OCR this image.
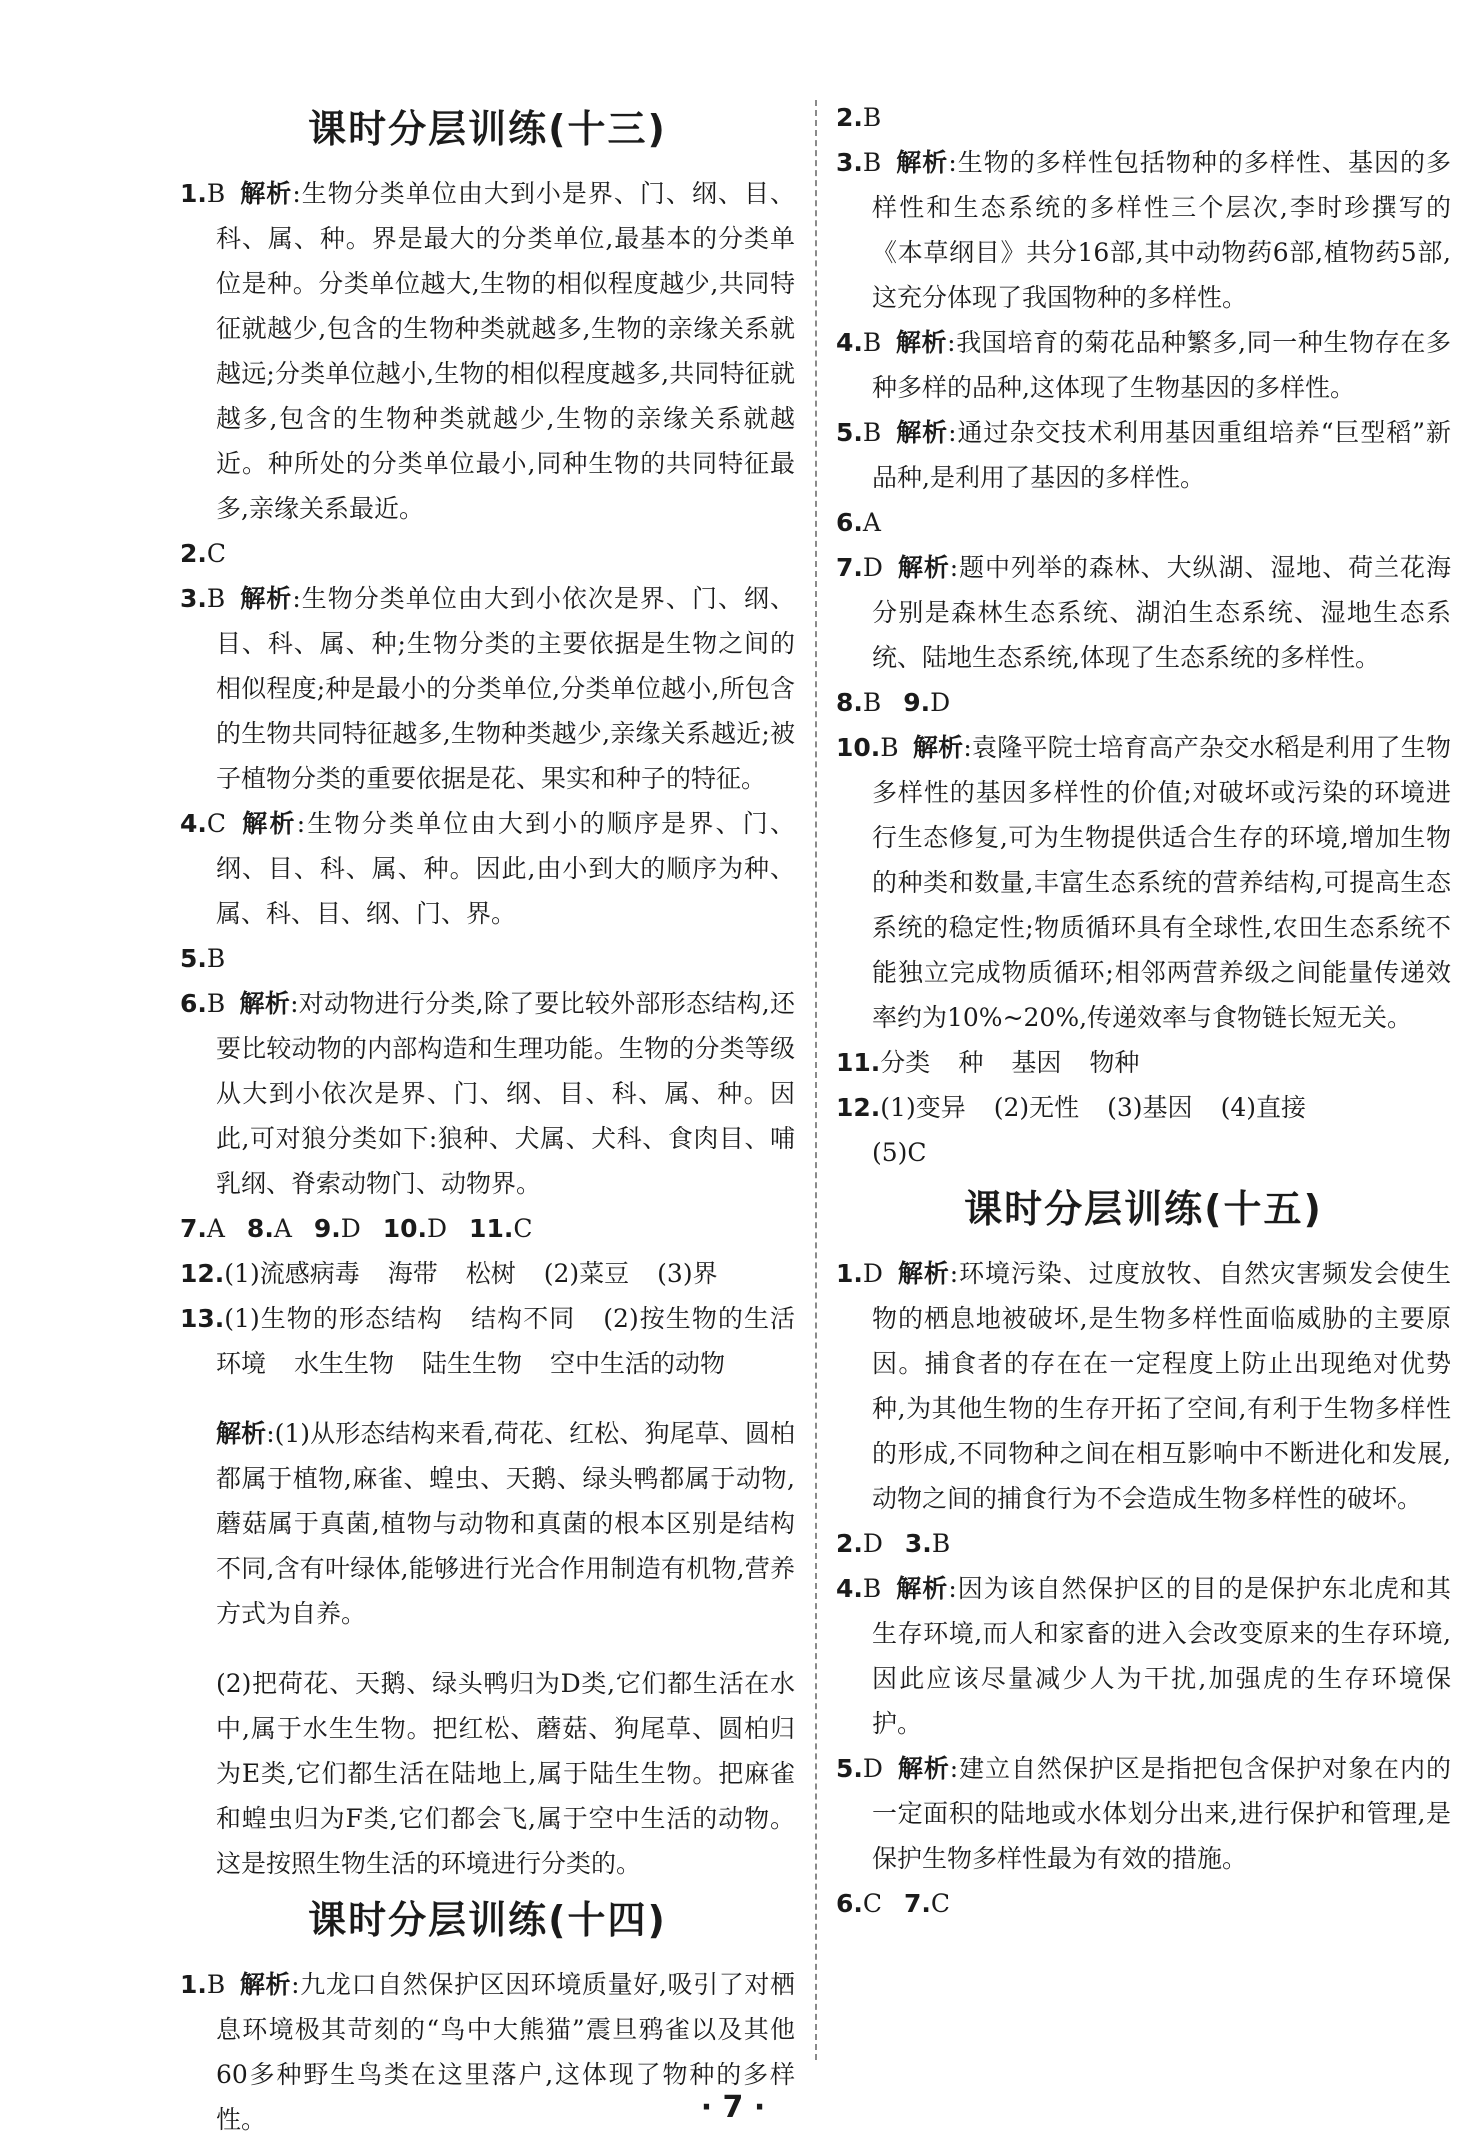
课时分层训练(十三)

1.B 解析:生物分类单位由大到小是界、门、纲、目、科、属、种。界是最大的分类单位,最基本的分类单位是种。分类单位越大,生物的相似程度越少,共同特征就越少,包含的生物种类就越多,生物的亲缘关系就越远;分类单位越小,生物的相似程度越多,共同特征就越多,包含的生物种类就越少,生物的亲缘关系就越近。种所处的分类单位最小,同种生物的共同特征最多,亲缘关系最近。

2.C

3.B 解析:生物分类单位由大到小依次是界、门、纲、目、科、属、种;生物分类的主要依据是生物之间的相似程度;种是最小的分类单位,分类单位越小,所包含的生物共同特征越多,生物种类越少,亲缘关系越近;被子植物分类的重要依据是花、果实和种子的特征。

4.C 解析:生物分类单位由大到小的顺序是界、门、纲、目、科、属、种。因此,由小到大的顺序为种、属、科、目、纲、门、界。

5.B

6.B 解析:对动物进行分类,除了要比较外部形态结构,还要比较动物的内部构造和生理功能。生物的分类等级从大到小依次是界、门、纲、目、科、属、种。因此,可对狼分类如下:狼种、犬属、犬科、食肉目、哺乳纲、脊索动物门、动物界。

7.A 8.A 9.D 10.D 11.C

12.(1)流感病毒 海带 松树 (2)菜豆 (3)界

13.(1)生物的形态结构 结构不同 (2)按生物的生活环境 水生生物 陆生生物 空中生活的动物

解析:(1)从形态结构来看,荷花、红松、狗尾草、圆柏都属于植物,麻雀、蝗虫、天鹅、绿头鸭都属于动物,蘑菇属于真菌,植物与动物和真菌的根本区别是结构不同,含有叶绿体,能够进行光合作用制造有机物,营养方式为自养。

(2)把荷花、天鹅、绿头鸭归为D类,它们都生活在水中,属于水生生物。把红松、蘑菇、狗尾草、圆柏归为E类,它们都生活在陆地上,属于陆生生物。把麻雀和蝗虫归为F类,它们都会飞,属于空中生活的动物。这是按照生物生活的环境进行分类的。

课时分层训练(十四)

1.B 解析:九龙口自然保护区因环境质量好,吸引了对栖息环境极其苛刻的“鸟中大熊猫”震旦鸦雀以及其他60多种野生鸟类在这里落户,这体现了物种的多样性。

2.B

3.B 解析:生物的多样性包括物种的多样性、基因的多样性和生态系统的多样性三个层次,李时珍撰写的《本草纲目》共分16部,其中动物药6部,植物药5部,这充分体现了我国物种的多样性。

4.B 解析:我国培育的菊花品种繁多,同一种生物存在多种多样的品种,这体现了生物基因的多样性。

5.B 解析:通过杂交技术利用基因重组培养“巨型稻”新品种,是利用了基因的多样性。

6.A

7.D 解析:题中列举的森林、大纵湖、湿地、荷兰花海分别是森林生态系统、湖泊生态系统、湿地生态系统、陆地生态系统,体现了生态系统的多样性。

8.B 9.D

10.B 解析:袁隆平院士培育高产杂交水稻是利用了生物多样性的基因多样性的价值;对破坏或污染的环境进行生态修复,可为生物提供适合生存的环境,增加生物的种类和数量,丰富生态系统的营养结构,可提高生态系统的稳定性;物质循环具有全球性,农田生态系统不能独立完成物质循环;相邻两营养级之间能量传递效率约为10%~20%,传递效率与食物链长短无关。

11.分类 种 基因 物种

12.(1)变异 (2)无性 (3)基因 (4)直接
(5)C

课时分层训练(十五)

1.D 解析:环境污染、过度放牧、自然灾害频发会使生物的栖息地被破坏,是生物多样性面临威胁的主要原因。捕食者的存在在一定程度上防止出现绝对优势种,为其他生物的生存开拓了空间,有利于生物多样性的形成,不同物种之间在相互影响中不断进化和发展,动物之间的捕食行为不会造成生物多样性的破坏。

2.D 3.B

4.B 解析:因为该自然保护区的目的是保护东北虎和其生存环境,而人和家畜的进入会改变原来的生存环境,因此应该尽量减少人为干扰,加强虎的生存环境保护。

5.D 解析:建立自然保护区是指把包含保护对象在内的一定面积的陆地或水体划分出来,进行保护和管理,是保护生物多样性最为有效的措施。

6.C 7.C

· 7 ·
